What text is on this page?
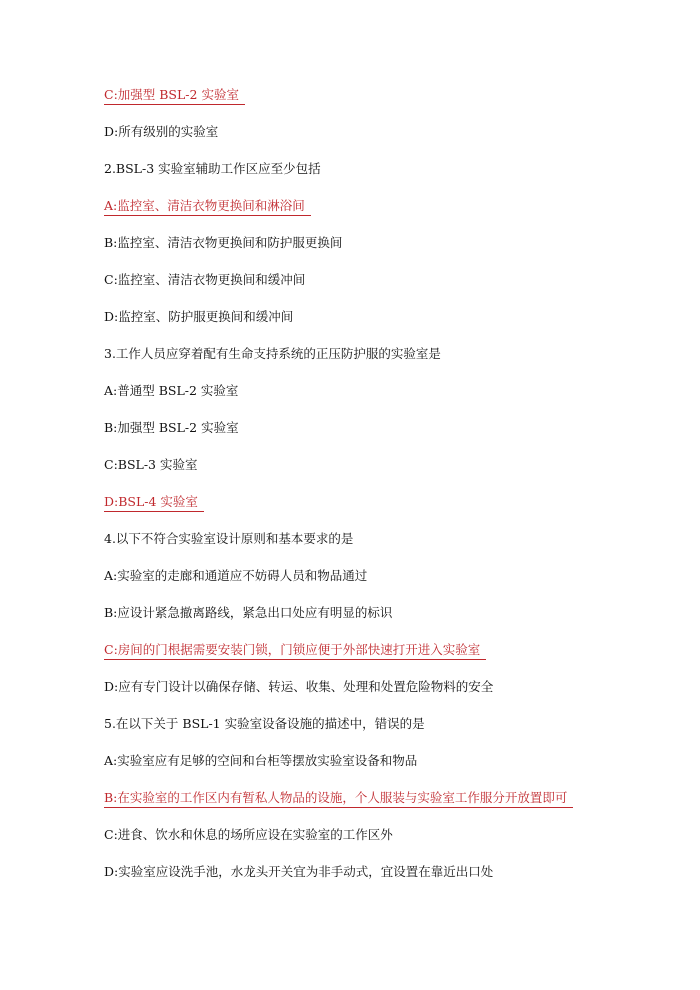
C:加强型 BSL-2 实验室
D:所有级别的实验室
2.BSL-3 实验室辅助工作区应至少包括
A:监控室、清洁衣物更换间和淋浴间
B:监控室、清洁衣物更换间和防护服更换间
C:监控室、清洁衣物更换间和缓冲间
D:监控室、防护服更换间和缓冲间
3.工作人员应穿着配有生命支持系统的正压防护服的实验室是
A:普通型 BSL-2 实验室
B:加强型 BSL-2 实验室
C:BSL-3 实验室
D:BSL-4 实验室
4.以下不符合实验室设计原则和基本要求的是
A:实验室的走廊和通道应不妨碍人员和物品通过
B:应设计紧急撤离路线，紧急出口处应有明显的标识
C:房间的门根据需要安装门锁，门锁应便于外部快速打开进入实验室
D:应有专门设计以确保存储、转运、收集、处理和处置危险物料的安全
5.在以下关于 BSL-1 实验室设备设施的描述中，错误的是
A:实验室应有足够的空间和台柜等摆放实验室设备和物品
B:在实验室的工作区内有暂私人物品的设施，个人服装与实验室工作服分开放置即可
C:进食、饮水和休息的场所应设在实验室的工作区外
D:实验室应设洗手池，水龙头开关宜为非手动式，宜设置在靠近出口处
